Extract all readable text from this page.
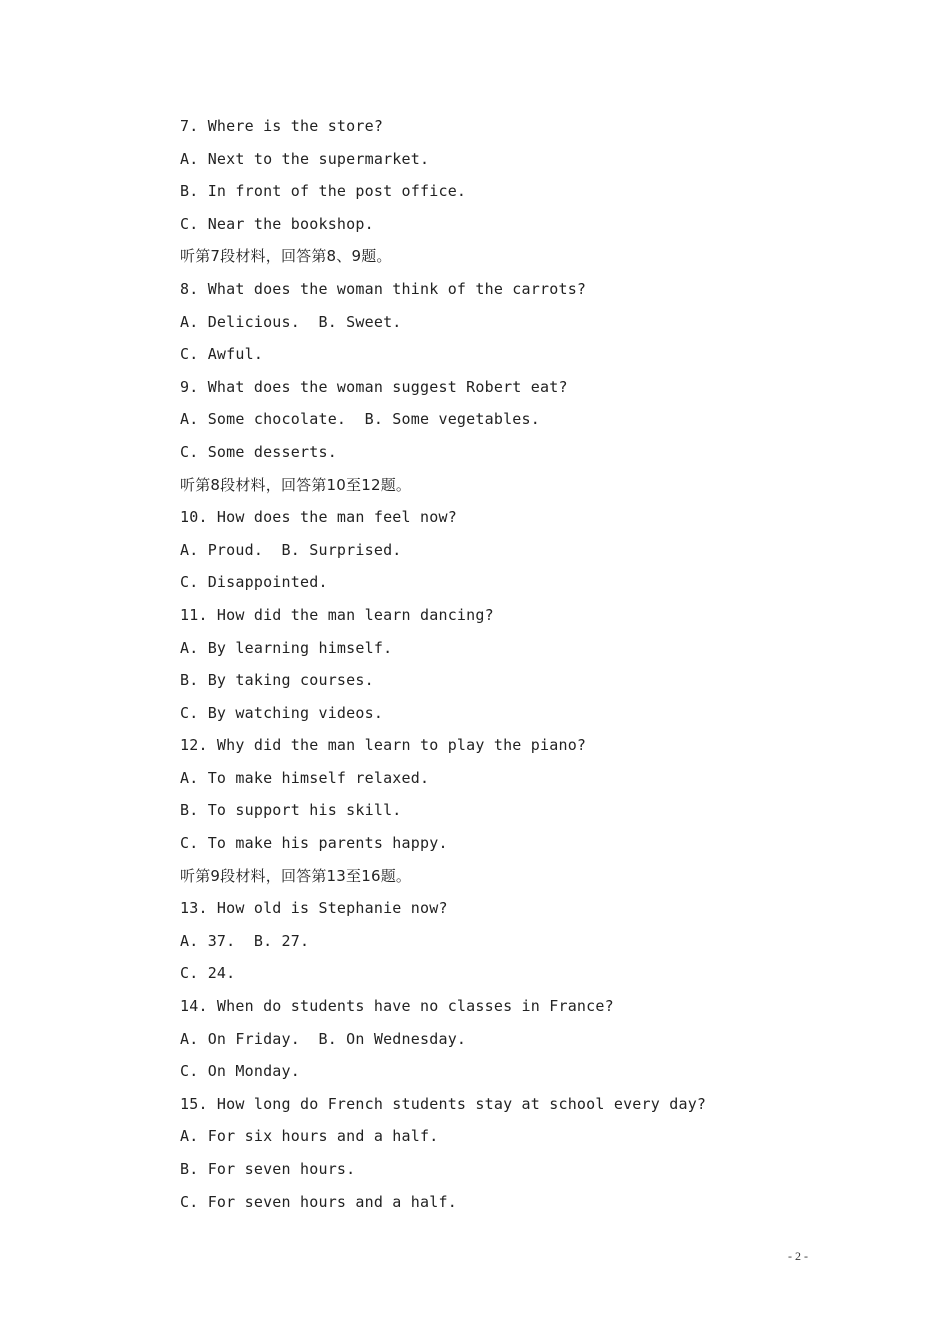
7. Where is the store?
A. Next to the supermarket.
B. In front of the post office.
C. Near the bookshop.
听第7段材料，回答第8、9题。
8. What does the woman think of the carrots?
A. Delicious.  B. Sweet.
C. Awful.
9. What does the woman suggest Robert eat?
A. Some chocolate.  B. Some vegetables.
C. Some desserts.
听第8段材料，回答第10至12题。
10. How does the man feel now?
A. Proud.  B. Surprised.
C. Disappointed.
11. How did the man learn dancing?
A. By learning himself.
B. By taking courses.
C. By watching videos.
12. Why did the man learn to play the piano?
A. To make himself relaxed.
B. To support his skill.
C. To make his parents happy.
听第9段材料，回答第13至16题。
13. How old is Stephanie now?
A. 37.  B. 27.
C. 24.
14. When do students have no classes in France?
A. On Friday.  B. On Wednesday.
C. On Monday.
15. How long do French students stay at school every day?
A. For six hours and a half.
B. For seven hours.
C. For seven hours and a half.
- 2 -
